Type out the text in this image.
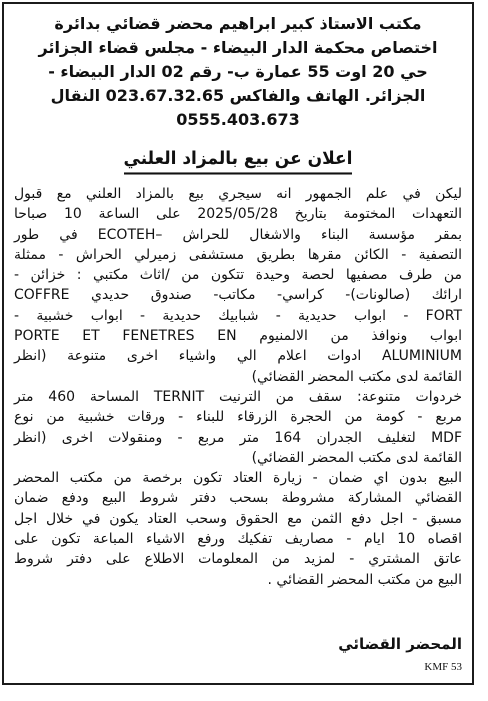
مكتب الاستاذ كبير ابراهيم محضر قضائي بدائرة
اختصاص محكمة الدار البيضاء - مجلس قضاء الجزائر
حي 20 اوت 55 عمارة ب- رقم 02 الدار البيضاء -
الجزائر. الهاتف والفاكس 023.67.32.65 النقال
0555.403.673
اعلان عن بيع بالمزاد العلني
ليكن في علم الجمهور انه سيجري بيع بالمزاد العلني مع قبول
التعهدات المختومة بتاريخ 2025/05/28 على الساعة 10 صباحا
بمقر مؤسسة البناء والاشغال للحراش –ECOTEH في طور
التصفية - الكائن مقرها بطريق مستشفى زميرلي الحراش - ممثلة
من طرف مصفيها لحصة وحيدة تتكون من /اثاث مكتبي : خزائن -
ارائك (صالونات)- كراسي- مكاتب- صندوق حديدي COFFRE
FORT - ابواب حديدية - شبابيك حديدية - ابواب خشبية -
ابواب ونوافذ من الالمنيوم PORTE ET FENETRES EN
ALUMINIUM ادوات اعلام الي واشياء اخرى متنوعة (انظر
القائمة لدى مكتب المحضر القضائي)
خردوات متنوعة: سقف من الترنيت TERNIT المساحة 460 متر
مربع - كومة من الحجرة الزرقاء للبناء - ورقات خشبية من نوع
MDF لتغليف الجدران 164 متر مربع - ومنقولات اخرى (انظر
القائمة لدى مكتب المحضر القضائي)
البيع بدون اي ضمان - زيارة العتاد تكون برخصة من مكتب المحضر
القضائي المشاركة مشروطة بسحب دفتر شروط البيع ودفع ضمان
مسبق - اجل دفع الثمن مع الحقوق وسحب العتاد يكون في خلال اجل
اقصاه 10 ايام - مصاريف تفكيك ورفع الاشياء المباعة تكون على
عاتق المشتري - لمزيد من المعلومات الاطلاع على دفتر شروط
البيع من مكتب المحضر القضائي .
المحضر القضائي
KMF 53
